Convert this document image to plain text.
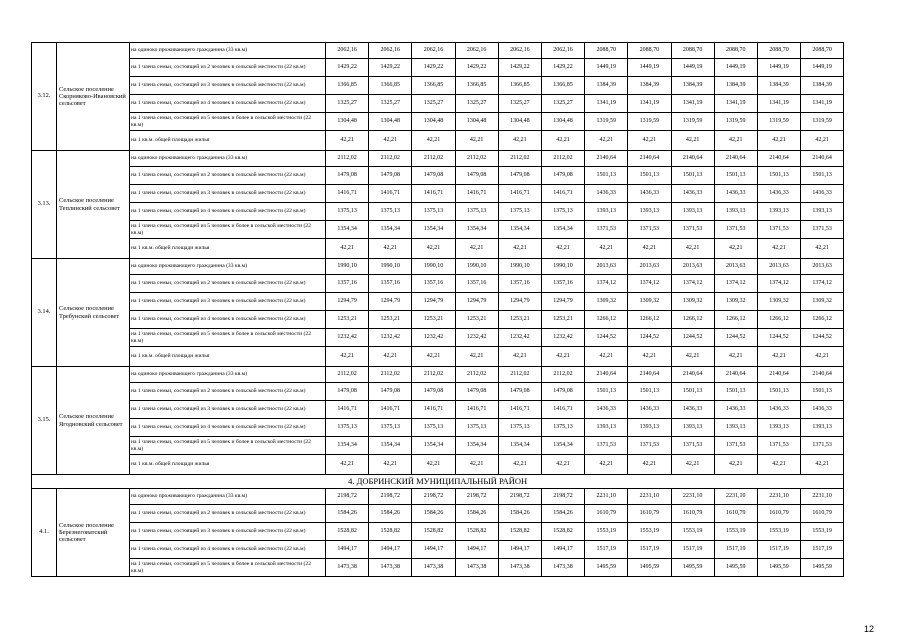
3.12.	Сельское поселение Скорняково-Ивановский сельсовет	на одиноко проживающего гражданина (33 кв.м)	2062,16	2062,16	2062,16	2062,16	2062,16	2062,16	2088,70	2088,70	2088,70	2088,70	2088,70	2088,70
		на 1 члена семьи, состоящей из 2 человек в сельской местности (22 кв.м)	1429,22	1429,22	1429,22	1429,22	1429,22	1429,22	1449,19	1449,19	1449,19	1449,19	1449,19	1449,19
		на 1 члена семьи, состоящей из 3 человек в сельской местности (22 кв.м)	1366,85	1366,85	1366,85	1366,85	1366,85	1366,85	1384,39	1384,39	1384,39	1384,39	1384,39	1384,39
		на 1 члена семьи, состоящей из 4 человек в сельской местности (22 кв.м)	1325,27	1325,27	1325,27	1325,27	1325,27	1325,27	1341,19	1341,19	1341,19	1341,19	1341,19	1341,19
		на 1 члена семьи, состоящей из 5 человек и более в сельской местности (22 кв.м)	1304,48	1304,48	1304,48	1304,48	1304,48	1304,48	1319,59	1319,59	1319,59	1319,59	1319,59	1319,59
		на 1 кв.м. общей площади жилья	42,21	42,21	42,21	42,21	42,21	42,21	42,21	42,21	42,21	42,21	42,21	42,21
3.13.	Сельское поселение Теплинский сельсовет	на одиноко проживающего гражданина (33 кв.м)	2112,02	2112,02	2112,02	2112,02	2112,02	2112,02	2140,64	2140,64	2140,64	2140,64	2140,64	2140,64
		на 1 члена семьи, состоящей из 2 человек в сельской местности (22 кв.м)	1479,08	1479,08	1479,08	1479,08	1479,08	1479,08	1501,13	1501,13	1501,13	1501,13	1501,13	1501,13
		на 1 члена семьи, состоящей из 3 человек в сельской местности (22 кв.м)	1416,71	1416,71	1416,71	1416,71	1416,71	1416,71	1436,33	1436,33	1436,33	1436,33	1436,33	1436,33
		на 1 члена семьи, состоящей из 4 человек в сельской местности (22 кв.м)	1375,13	1375,13	1375,13	1375,13	1375,13	1375,13	1393,13	1393,13	1393,13	1393,13	1393,13	1393,13
		на 1 члена семьи, состоящей из 5 человек и более в сельской местности (22 кв.м)	1354,34	1354,34	1354,34	1354,34	1354,34	1354,34	1371,53	1371,53	1371,53	1371,53	1371,53	1371,53
		на 1 кв.м. общей площади жилья	42,21	42,21	42,21	42,21	42,21	42,21	42,21	42,21	42,21	42,21	42,21	42,21
3.14.	Сельское поселение Требунский сельсовет	на одиноко проживающего гражданина (33 кв.м)	1990,10	1990,10	1990,10	1990,10	1990,10	1990,10	2013,63	2013,63	2013,63	2013,63	2013,63	2013,63
		на 1 члена семьи, состоящей из 2 человек в сельской местности (22 кв.м)	1357,16	1357,16	1357,16	1357,16	1357,16	1357,16	1374,12	1374,12	1374,12	1374,12	1374,12	1374,12
		на 1 члена семьи, состоящей из 3 человек в сельской местности (22 кв.м)	1294,79	1294,79	1294,79	1294,79	1294,79	1294,79	1309,32	1309,32	1309,32	1309,32	1309,32	1309,32
		на 1 члена семьи, состоящей из 4 человек в сельской местности (22 кв.м)	1253,21	1253,21	1253,21	1253,21	1253,21	1253,21	1266,12	1266,12	1266,12	1266,12	1266,12	1266,12
		на 1 члена семьи, состоящей из 5 человек и более в сельской местности (22 кв.м)	1232,42	1232,42	1232,42	1232,42	1232,42	1232,42	1244,52	1244,52	1244,52	1244,52	1244,52	1244,52
		на 1 кв.м. общей площади жилья	42,21	42,21	42,21	42,21	42,21	42,21	42,21	42,21	42,21	42,21	42,21	42,21
3.15.	Сельское поселение Ягодновский сельсовет	на одиноко проживающего гражданина (33 кв.м)	2112,02	2112,02	2112,02	2112,02	2112,02	2112,02	2140,64	2140,64	2140,64	2140,64	2140,64	2140,64
		на 1 члена семьи, состоящей из 2 человек в сельской местности (22 кв.м)	1479,08	1479,08	1479,08	1479,08	1479,08	1479,08	1501,13	1501,13	1501,13	1501,13	1501,13	1501,13
		на 1 члена семьи, состоящей из 3 человек в сельской местности (22 кв.м)	1416,71	1416,71	1416,71	1416,71	1416,71	1416,71	1436,33	1436,33	1436,33	1436,33	1436,33	1436,33
		на 1 члена семьи, состоящей из 4 человек в сельской местности (22 кв.м)	1375,13	1375,13	1375,13	1375,13	1375,13	1375,13	1393,13	1393,13	1393,13	1393,13	1393,13	1393,13
		на 1 члена семьи, состоящей из 5 человек и более в сельской местности (22 кв.м)	1354,34	1354,34	1354,34	1354,34	1354,34	1354,34	1371,53	1371,53	1371,53	1371,53	1371,53	1371,53
		на 1 кв.м. общей площади жилья	42,21	42,21	42,21	42,21	42,21	42,21	42,21	42,21	42,21	42,21	42,21	42,21
4. ДОБРИНСКИЙ МУНИЦИПАЛЬНЫЙ РАЙОН														
4.1.	Сельское поселение Березнеговатский сельсовет	на одиноко проживающего гражданина (33 кв.м)	2198,72	2198,72	2198,72	2198,72	2198,72	2198,72	2231,10	2231,10	2231,10	2231,10	2231,10	2231,10
		на 1 члена семьи, состоящей из 2 человек в сельской местности (22 кв.м)	1584,26	1584,26	1584,26	1584,26	1584,26	1584,26	1610,79	1610,79	1610,79	1610,79	1610,79	1610,79
		на 1 члена семьи, состоящей из 3 человек в сельской местности (22 кв.м)	1528,82	1528,82	1528,82	1528,82	1528,82	1528,82	1553,19	1553,19	1553,19	1553,19	1553,19	1553,19
		на 1 члена семьи, состоящей из 4 человек в сельской местности (22 кв.м)	1494,17	1494,17	1494,17	1494,17	1494,17	1494,17	1517,19	1517,19	1517,19	1517,19	1517,19	1517,19
		на 1 члена семьи, состоящей из 5 человек и более в сельской местности (22 кв.м)	1473,38	1473,38	1473,38	1473,38	1473,38	1473,38	1495,59	1495,59	1495,59	1495,59	1495,59	1495,59
12
